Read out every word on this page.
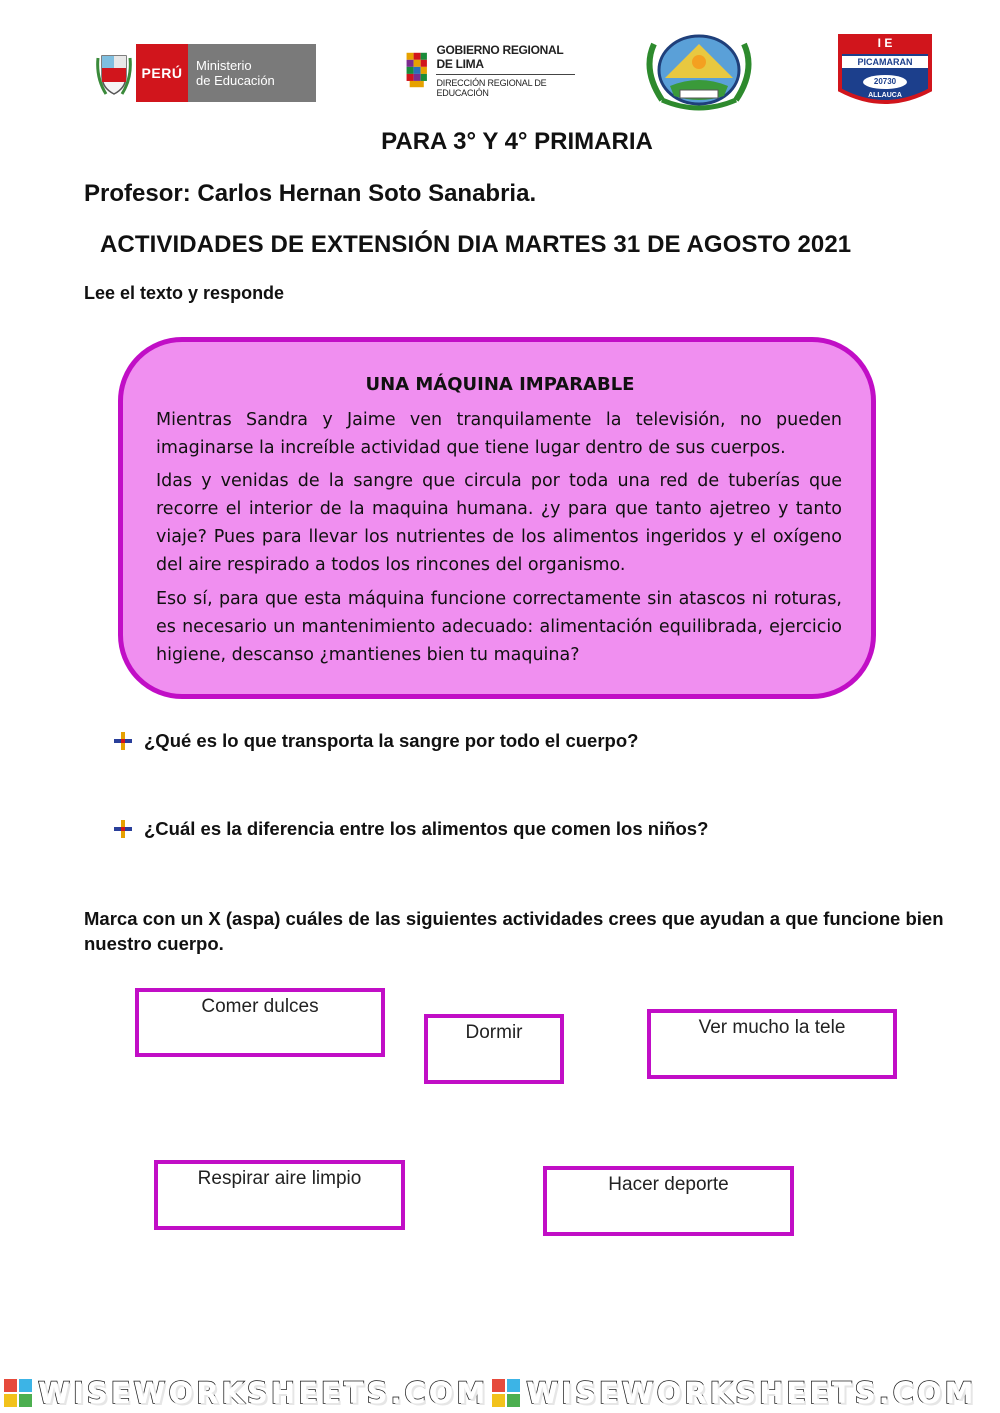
PERÚ	Ministerio
de Educación
GOBIERNO REGIONAL DE LIMA
DIRECCIÓN REGIONAL DE EDUCACIÓN
I E
PICAMARAN
20730
ALLAUCA
PARA 3° Y 4° PRIMARIA
Profesor: Carlos Hernan Soto Sanabria.
ACTIVIDADES DE EXTENSIÓN DIA MARTES 31 DE AGOSTO 2021
Lee el texto y responde
UNA MÁQUINA IMPARABLE
Mientras Sandra y Jaime ven tranquilamente la televisión, no pueden imaginarse la increíble actividad que tiene lugar dentro de sus cuerpos.
Idas y venidas de la sangre que circula por toda una red de tuberías que recorre el interior de la maquina humana. ¿y para que tanto ajetreo y tanto viaje? Pues para llevar los nutrientes de los alimentos ingeridos y el oxígeno del aire respirado a todos los rincones del organismo.
Eso sí, para que esta máquina funcione correctamente sin atascos ni roturas, es necesario un mantenimiento adecuado: alimentación equilibrada, ejercicio higiene, descanso ¿mantienes bien tu maquina?
¿Qué es lo que transporta la sangre por todo el cuerpo?
¿Cuál es la diferencia entre los alimentos que comen los niños?
Marca con un X (aspa) cuáles de las siguientes actividades crees que ayudan a que funcione bien nuestro cuerpo.
Comer dulces
Dormir	Ver mucho la tele
Respirar aire limpio	Hacer deporte
WISEWORKSHEETS.COM WISEWORKSHEETS.COM
